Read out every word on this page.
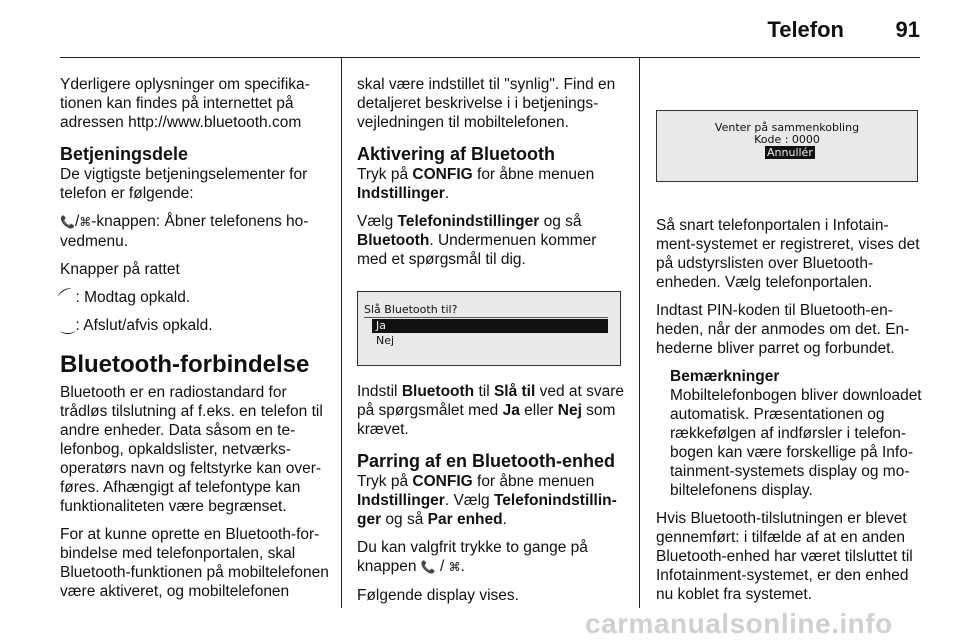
Telefon 91

Yderligere oplysninger om specifikationen kan findes på internettet på adressen http://www.bluetooth.com

Betjeningsdele

De vigtigste betjeningselementer for telefon er følgende:

📞/⌘-knappen: Åbner telefonens hovedmenu.

Knapper på rattet

⌒: Modtag opkald.

⌒: Afslut/afvis opkald.

Bluetooth-forbindelse

Bluetooth er en radiostandard for trådløs tilslutning af f.eks. en telefon til andre enheder. Data såsom en telefonbog, opkaldslister, netværksoperatørs navn og feltstyrke kan overføres. Afhængigt af telefontype kan funktionaliteten være begrænset.

For at kunne oprette en Bluetooth-forbindelse med telefonportalen, skal Bluetooth-funktionen på mobiltelefonen være aktiveret, og mobiltelefonen

skal være indstillet til "synlig". Find en detaljeret beskrivelse i i betjeningsvejledningen til mobiltelefonen.

Aktivering af Bluetooth

Tryk på CONFIG for åbne menuen Indstillinger.

Vælg Telefonindstillinger og så Bluetooth. Undermenuen kommer med et spørgsmål til dig.

Slå Bluetooth til?
Ja
Nej

Indstil Bluetooth til Slå til ved at svare på spørgsmålet med Ja eller Nej som krævet.

Parring af en Bluetooth-enhed

Tryk på CONFIG for åbne menuen Indstillinger. Vælg Telefonindstillinger og så Par enhed.

Du kan valgfrit trykke to gange på knappen 📞 / ⌘.

Følgende display vises.

Venter på sammenkobling
Kode : 0000
Annullér

Så snart telefonportalen i Infotainment-systemet er registreret, vises det på udstyrslisten over Bluetooth-enheden. Vælg telefonportalen.

Indtast PIN-koden til Bluetooth-enheden, når der anmodes om det. Enhederne bliver parret og forbundet.

Bemærkninger

Mobiltelefonbogen bliver downloadet automatisk. Præsentationen og rækkefølgen af indførsler i telefonbogen kan være forskellige på Infotainment-systemets display og mobiltelefonens display.

Hvis Bluetooth-tilslutningen er blevet gennemført: i tilfælde af at en anden Bluetooth-enhed har været tilsluttet til Infotainment-systemet, er den enhed nu koblet fra systemet.

carmanualsonline.info
